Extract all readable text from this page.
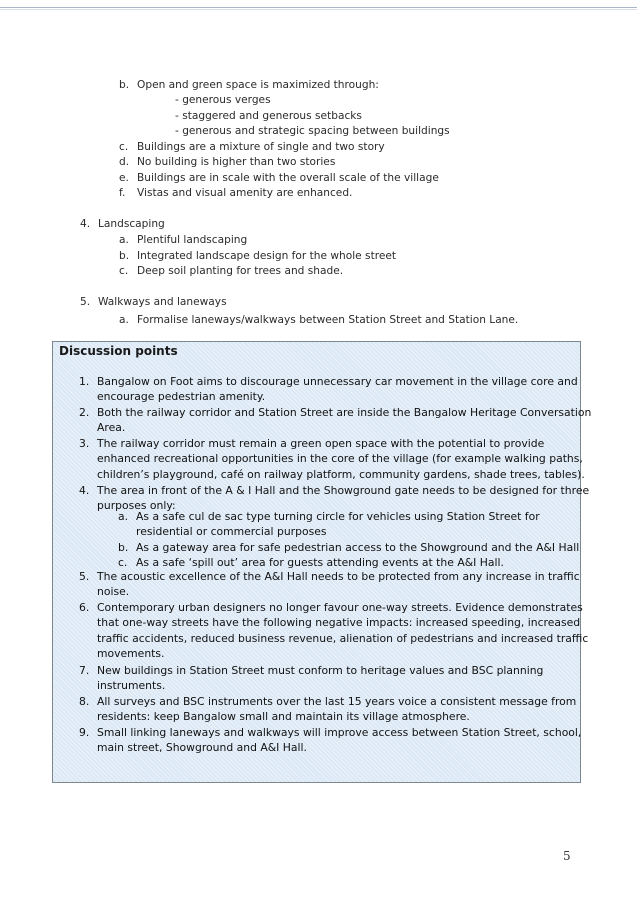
b. Open and green space is maximized through:
- generous verges
- staggered and generous setbacks
- generous and strategic spacing between buildings
c. Buildings are a mixture of single and two story
d. No building is higher than two stories
e. Buildings are in scale with the overall scale of the village
f. Vistas and visual amenity are enhanced.
4. Landscaping
a. Plentiful landscaping
b. Integrated landscape design for the whole street
c. Deep soil planting for trees and shade.
5. Walkways and laneways
a. Formalise laneways/walkways between Station Street and Station Lane.
Discussion points
1. Bangalow on Foot aims to discourage unnecessary car movement in the village core and
encourage pedestrian amenity.
2. Both the railway corridor and Station Street are inside the Bangalow Heritage Conversation
Area.
3. The railway corridor must remain a green open space with the potential to provide
enhanced recreational opportunities in the core of the village (for example walking paths,
children’s playground, café on railway platform, community gardens, shade trees, tables).
4. The area in front of the A & I Hall and the Showground gate needs to be designed for three
purposes only:
5. The acoustic excellence of the A&I Hall needs to be protected from any increase in traffic
noise.
6. Contemporary urban designers no longer favour one-way streets. Evidence demonstrates
that one-way streets have the following negative impacts: increased speeding, increased
traffic accidents, reduced business revenue, alienation of pedestrians and increased traffic
movements.
7. New buildings in Station Street must conform to heritage values and BSC planning
instruments.
8. All surveys and BSC instruments over the last 15 years voice a consistent message from
residents: keep Bangalow small and maintain its village atmosphere.
9. Small linking laneways and walkways will improve access between Station Street, school,
main street, Showground and A&I Hall.
a. As a safe cul de sac type turning circle for vehicles using Station Street for
residential or commercial purposes
b. As a gateway area for safe pedestrian access to the Showground and the A&I Hall
c. As a safe ‘spill out’ area for guests attending events at the A&I Hall.
5
